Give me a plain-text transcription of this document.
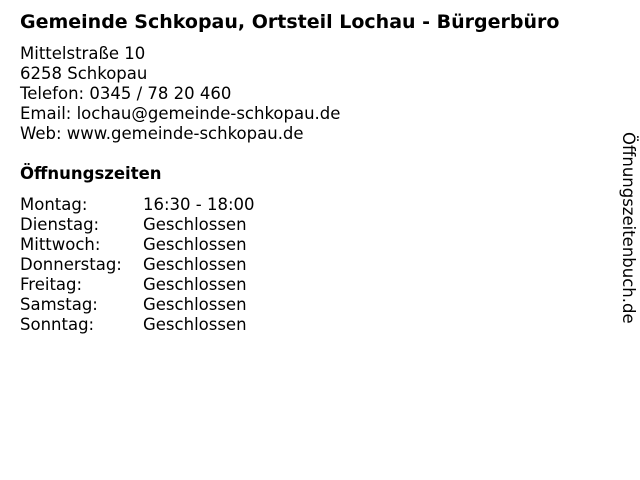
Gemeinde Schkopau, Ortsteil Lochau - Bürgerbüro
Mittelstraße 10
6258 Schkopau
Telefon: 0345 / 78 20 460
Email: lochau@gemeinde-schkopau.de
Web: www.gemeinde-schkopau.de
Öffnungszeiten
Montag:	16:30 - 18:00
Dienstag:	Geschlossen
Mittwoch:	Geschlossen
Donnerstag:	Geschlossen
Freitag:	Geschlossen
Samstag:	Geschlossen
Sonntag:	Geschlossen
Öffnungszeitenbuch.de
